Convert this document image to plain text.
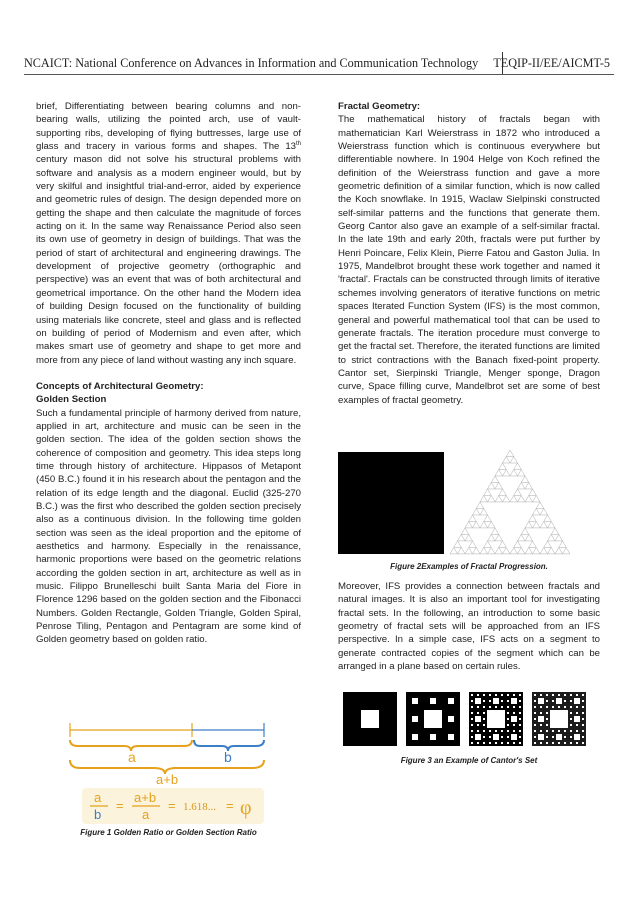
NCAICT: National Conference on Advances in Information and Communication Technology TEQIP-II/EE/AICMT-5

brief, Differentiating between bearing columns and non-bearing walls, utilizing the pointed arch, use of vault-supporting ribs, developing of flying buttresses, large use of glass and tracery in various forms and shapes. The 13th century mason did not solve his structural problems with software and analysis as a modern engineer would, but by very skilful and insightful trial-and-error, aided by experience and geometric rules of design. The design depended more on getting the shape and then calculate the magnitude of forces acting on it. In the same way Renaissance Period also seen its own use of geometry in design of buildings. That was the period of start of architectural and engineering drawings. The development of projective geometry (orthographic and perspective) was an event that was of both architectural and geometrical importance. On the other hand the Modern idea of building Design focused on the functionality of building using materials like concrete, steel and glass and is reflected on building of period of Modernism and even after, which makes smart use of geometry and shape to get more and more from any piece of land without wasting any inch square.

Concepts of Architectural Geometry:

Golden Section

Such a fundamental principle of harmony derived from nature, applied in art, architecture and music can be seen in the golden section. The idea of the golden section shows the coherence of composition and geometry. This idea steps long time through history of architecture. Hippasos of Metapont (450 B.C.) found it in his research about the pentagon and the relation of its edge length and the diagonal. Euclid (325-270 B.C.) was the first who described the golden section precisely also as a continuous division. In the following time golden section was seen as the ideal proportion and the epitome of aesthetics and harmony. Especially in the renaissance, harmonic proportions were based on the geometric relations according the golden section in art, architecture as well as in music. Filippo Brunelleschi built Santa Maria del Fiore in Florence 1296 based on the golden section and the Fibonacci Numbers. Golden Rectangle, Golden Triangle, Golden Spiral, Penrose Tiling, Pentagon and Pentagram are some kind of Golden geometry based on golden ratio.

a	b
a+b
a
b
=
a+b
a
= 1.618... = φ

Figure 1 Golden Ratio or Golden Section Ratio

Fractal Geometry:

The mathematical history of fractals began with mathematician Karl Weierstrass in 1872 who introduced a Weierstrass function which is continuous everywhere but differentiable nowhere. In 1904 Helge von Koch refined the definition of the Weierstrass function and gave a more geometric definition of a similar function, which is now called the Koch snowflake. In 1915, Waclaw Sielpinski constructed self-similar patterns and the functions that generate them. Georg Cantor also gave an example of a self-similar fractal. In the late 19th and early 20th, fractals were put further by Henri Poincare, Felix Klein, Pierre Fatou and Gaston Julia. In 1975, Mandelbrot brought these work together and named it 'fractal'. Fractals can be constructed through limits of iterative schemes involving generators of iterative functions on metric spaces Iterated Function System (IFS) is the most common, general and powerful mathematical tool that can be used to generate fractals. The iteration procedure must converge to get the fractal set. Therefore, the iterated functions are limited to strict contractions with the Banach fixed-point property. Cantor set, Sierpinski Triangle, Menger sponge, Dragon curve, Space filling curve, Mandelbrot set are some of best examples of fractal geometry.

Figure 2Examples of Fractal Progression.

Moreover, IFS provides a connection between fractals and natural images. It is also an important tool for investigating fractal sets. In the following, an introduction to some basic geometry of fractal sets will be approached from an IFS perspective. In a simple case, IFS acts on a segment to generate contracted copies of the segment which can be arranged in a plane based on certain rules.

Figure 3 an Example of Cantor's Set
